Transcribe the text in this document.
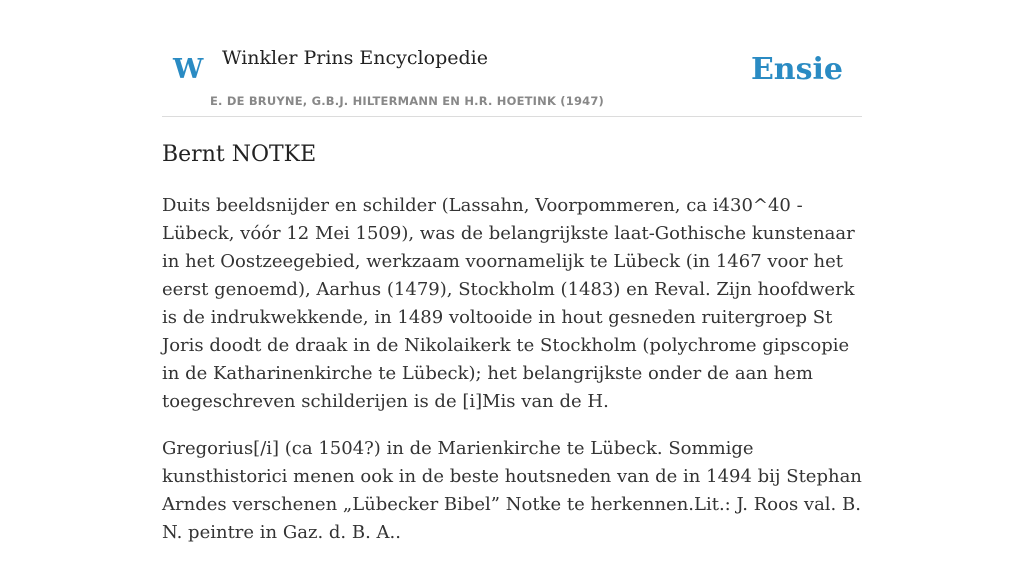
W Winkler Prins Encyclopedie
E. DE BRUYNE, G.B.J. HILTERMANN EN H.R. HOETINK (1947)
Ensie
Bernt NOTKE

Duits beeldsnijder en schilder (Lassahn, Voorpommeren, ca i430^40 - Lübeck, vóór 12 Mei 1509), was de belangrijkste laat-Gothische kunstenaar in het Oostzeegebied, werkzaam voornamelijk te Lübeck (in 1467 voor het eerst genoemd), Aarhus (1479), Stockholm (1483) en Reval. Zijn hoofdwerk is de indrukwekkende, in 1489 voltooide in hout gesneden ruitergroep St Joris doodt de draak in de Nikolaikerk te Stockholm (polychrome gipscopie in de Katharinenkirche te Lübeck); het belangrijkste onder de aan hem toegeschreven schilderijen is de [i]Mis van de H.

Gregorius[/i] (ca 1504?) in de Marienkirche te Lübeck. Sommige kunsthistorici menen ook in de beste houtsneden van de in 1494 bij Stephan Arndes verschenen „Lübecker Bibel” Notke te herkennen.Lit.: J. Roos val. B. N. peintre in Gaz. d. B. A..
